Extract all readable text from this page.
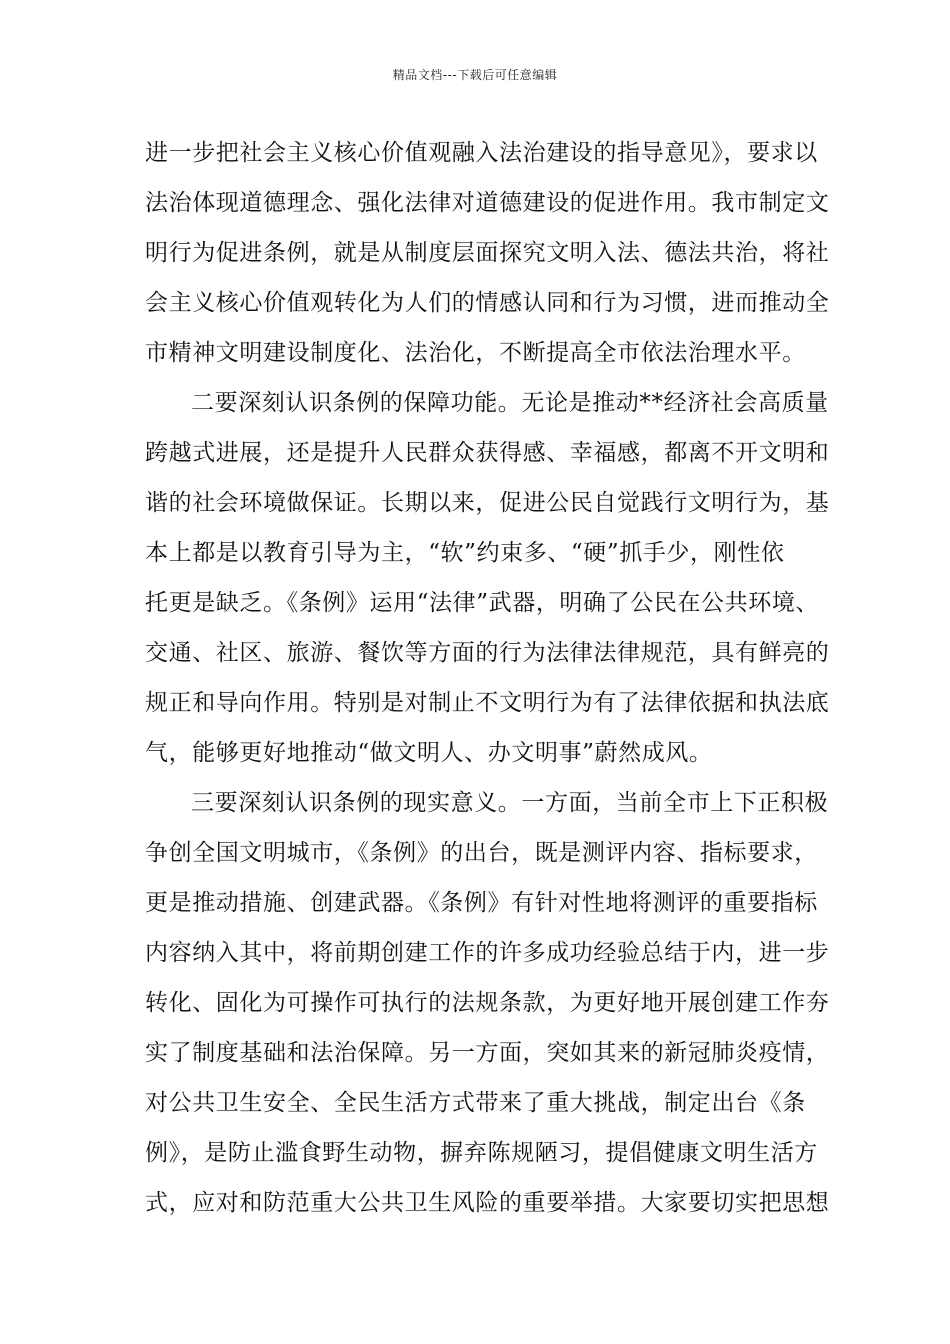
精品文档---下载后可任意编辑
进一步把社会主义核心价值观融入法治建设的指导意见》，要求以
法治体现道德理念、强化法律对道德建设的促进作用。我市制定文
明行为促进条例，就是从制度层面探究文明入法、德法共治，将社
会主义核心价值观转化为人们的情感认同和行为习惯，进而推动全
市精神文明建设制度化、法治化，不断提高全市依法治理水平。
二要深刻认识条例的保障功能。无论是推动**经济社会高质量
跨越式进展，还是提升人民群众获得感、幸福感，都离不开文明和
谐的社会环境做保证。长期以来，促进公民自觉践行文明行为，基
本上都是以教育引导为主，“软”约束多、“硬”抓手少，刚性依
托更是缺乏。《条例》运用“法律”武器，明确了公民在公共环境、
交通、社区、旅游、餐饮等方面的行为法律法律规范，具有鲜亮的
规正和导向作用。特别是对制止不文明行为有了法律依据和执法底
气，能够更好地推动“做文明人、办文明事”蔚然成风。
三要深刻认识条例的现实意义。一方面，当前全市上下正积极
争创全国文明城市，《条例》的出台，既是测评内容、指标要求，
更是推动措施、创建武器。《条例》有针对性地将测评的重要指标
内容纳入其中，将前期创建工作的许多成功经验总结于内，进一步
转化、固化为可操作可执行的法规条款，为更好地开展创建工作夯
实了制度基础和法治保障。另一方面，突如其来的新冠肺炎疫情，
对公共卫生安全、全民生活方式带来了重大挑战，制定出台《条
例》，是防止滥食野生动物，摒弃陈规陋习，提倡健康文明生活方
式，应对和防范重大公共卫生风险的重要举措。大家要切实把思想
